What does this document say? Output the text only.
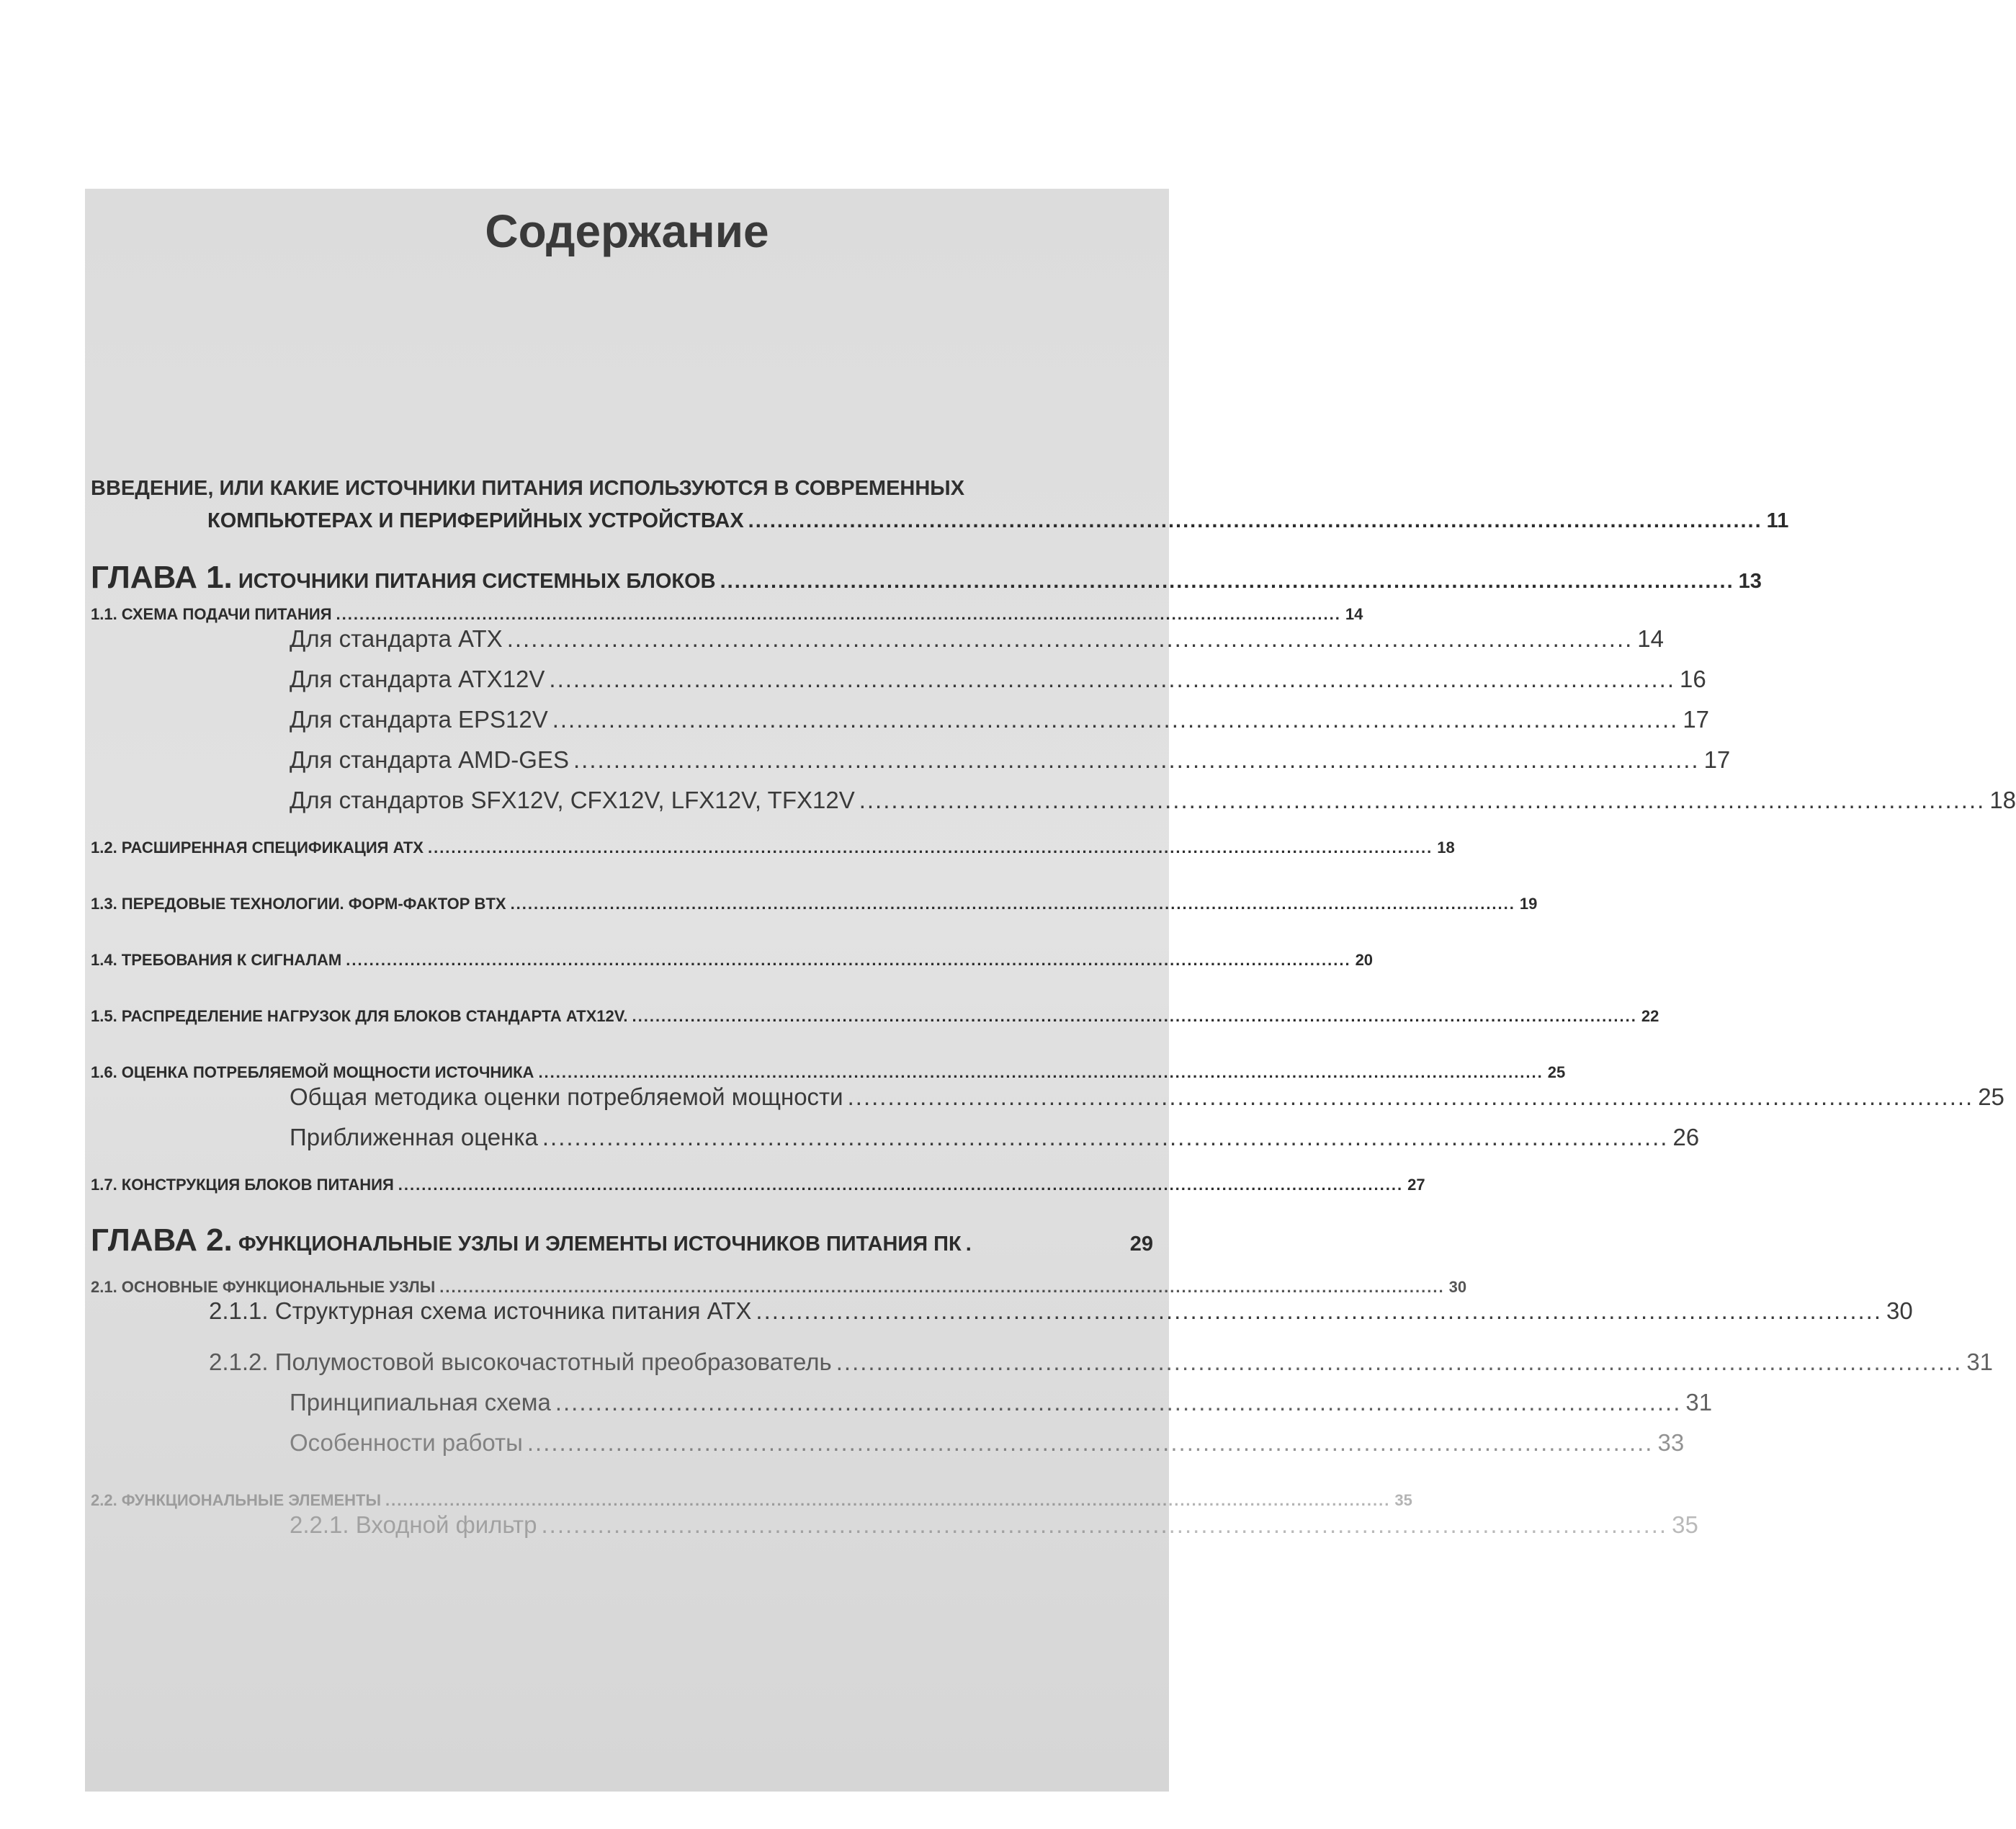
Содержание
ВВЕДЕНИЕ, ИЛИ КАКИЕ ИСТОЧНИКИ ПИТАНИЯ ИСПОЛЬЗУЮТСЯ В СОВРЕМЕННЫХ
КОМПЬЮТЕРАХ И ПЕРИФЕРИЙНЫХ УСТРОЙСТВАХ ............................................................................................................................................ 11
ГЛАВА 1. ИСТОЧНИКИ ПИТАНИЯ СИСТЕМНЫХ БЛОКОВ ............................................................................................................................................ 13
1.1. СХЕМА ПОДАЧИ ПИТАНИЯ ............................................................................................................................................................................ 14
Для стандарта ATX ............................................................................................................................................ 14
Для стандарта ATX12V ............................................................................................................................................ 16
Для стандарта EPS12V ............................................................................................................................................ 17
Для стандарта AMD-GES ............................................................................................................................................ 17
Для стандартов SFX12V, CFX12V, LFX12V, TFX12V ............................................................................................................................................ 18
1.2. РАСШИРЕННАЯ СПЕЦИФИКАЦИЯ ATX ............................................................................................................................................................................ 18
1.3. ПЕРЕДОВЫЕ ТЕХНОЛОГИИ. ФОРМ-ФАКТОР BTX ............................................................................................................................................................................ 19
1.4. ТРЕБОВАНИЯ К СИГНАЛАМ ............................................................................................................................................................................ 20
1.5. РАСПРЕДЕЛЕНИЕ НАГРУЗОК ДЛЯ БЛОКОВ СТАНДАРТА ATX12V. ............................................................................................................................................................................ 22
1.6. ОЦЕНКА ПОТРЕБЛЯЕМОЙ МОЩНОСТИ ИСТОЧНИКА ............................................................................................................................................................................ 25
Общая методика оценки потребляемой мощности ............................................................................................................................................ 25
Приближенная оценка ............................................................................................................................................ 26
1.7. КОНСТРУКЦИЯ БЛОКОВ ПИТАНИЯ ............................................................................................................................................................................ 27
ГЛАВА 2. ФУНКЦИОНАЛЬНЫЕ УЗЛЫ И ЭЛЕМЕНТЫ ИСТОЧНИКОВ ПИТАНИЯ ПК .	29
2.1. ОСНОВНЫЕ ФУНКЦИОНАЛЬНЫЕ УЗЛЫ ............................................................................................................................................................................ 30
2.1.1. Структурная схема источника питания ATX ............................................................................................................................................ 30
2.1.2. Полумостовой высокочастотный преобразователь ............................................................................................................................................ 31
Принципиальная схема ............................................................................................................................................ 31
Особенности работы ............................................................................................................................................ 33
2.2. ФУНКЦИОНАЛЬНЫЕ ЭЛЕМЕНТЫ ............................................................................................................................................................................ 35
2.2.1. Входной фильтр ............................................................................................................................................ 35
